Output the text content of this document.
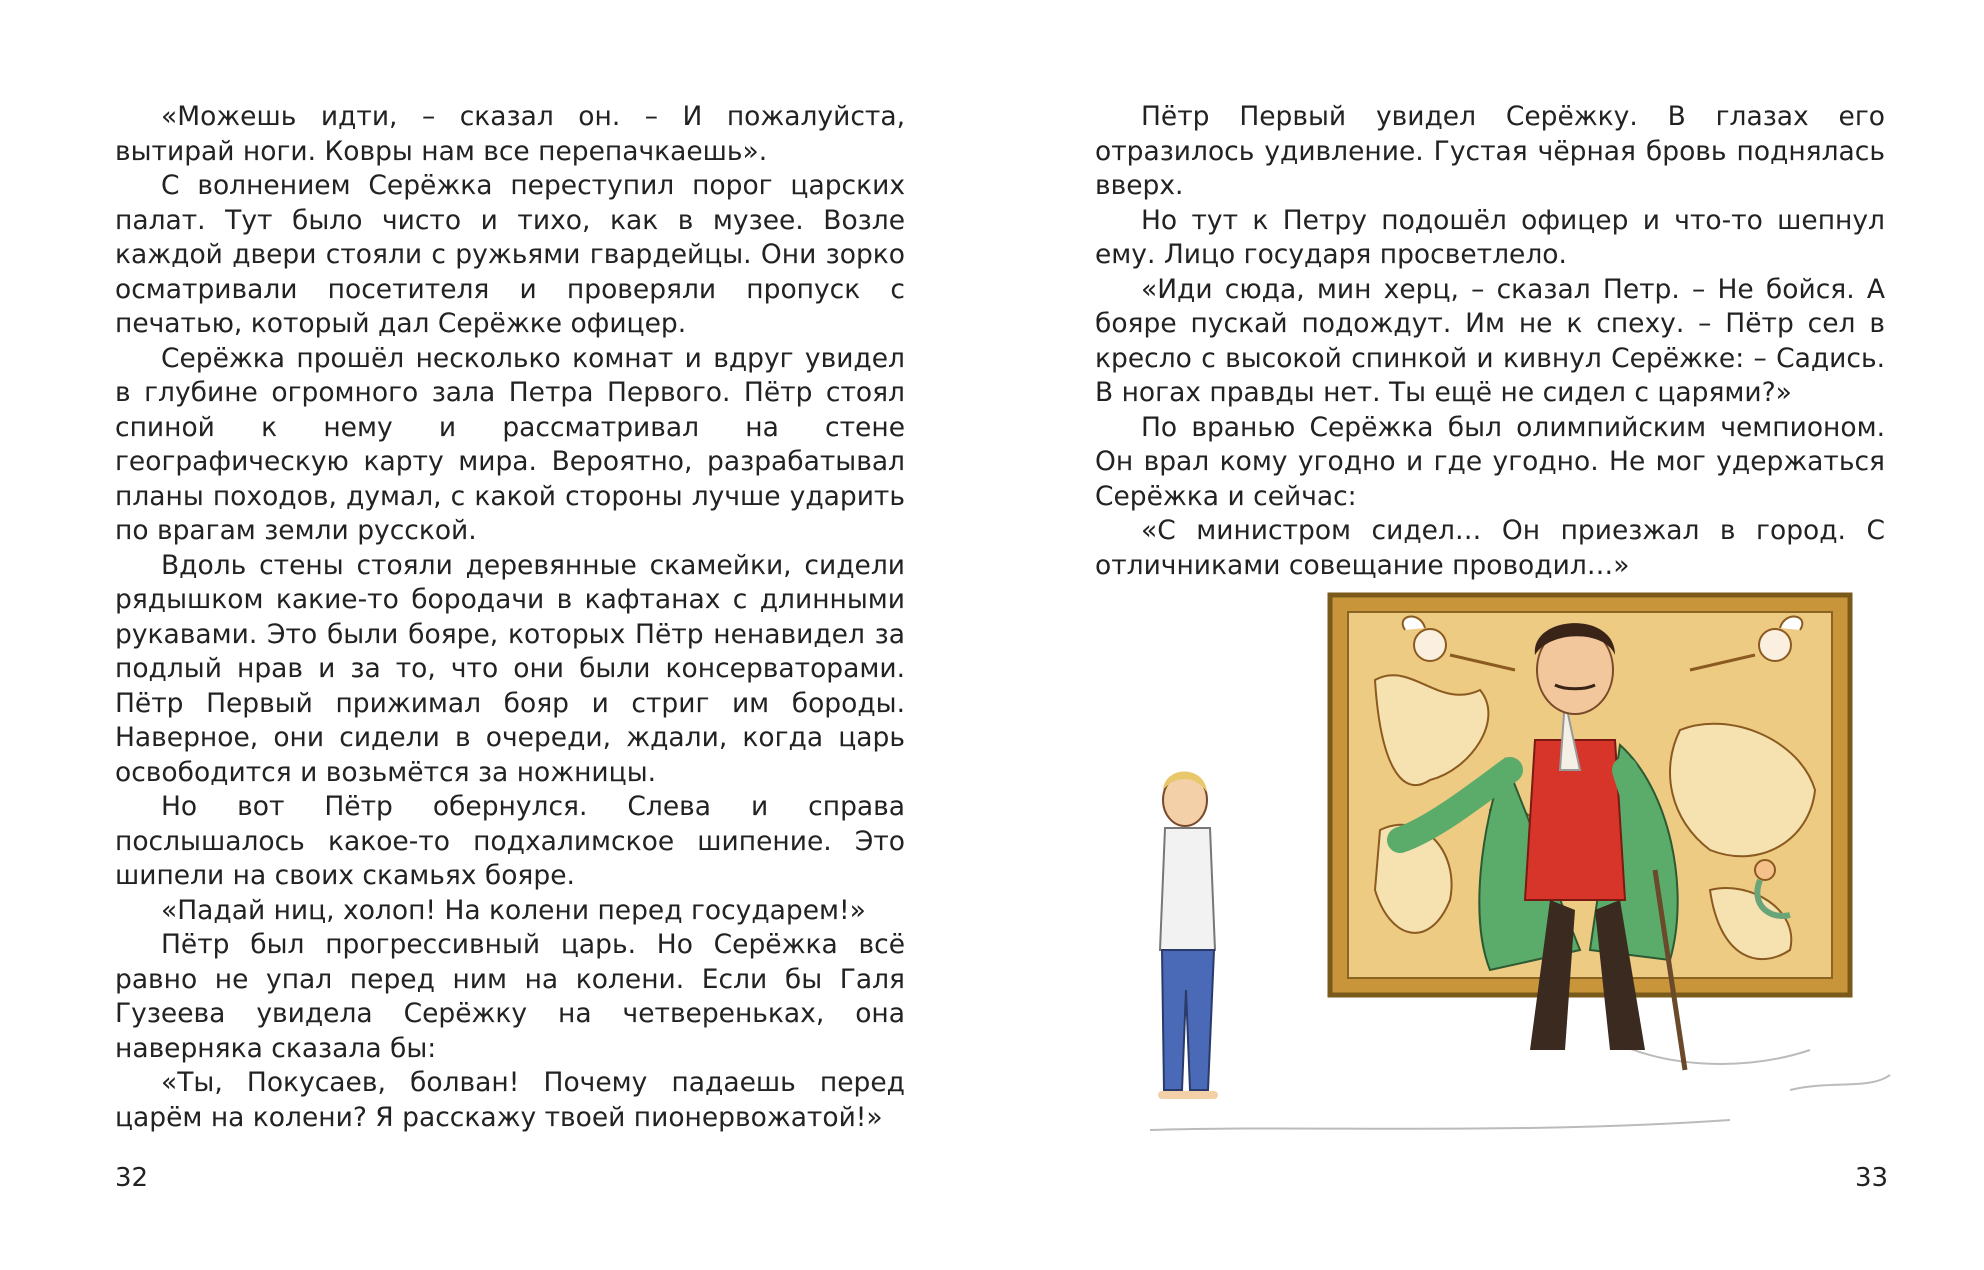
«Можешь идти, – сказал он. – И пожалуйста, вытирай ноги. Ковры нам все перепачкаешь».

С волнением Серёжка переступил порог царских палат. Тут было чисто и тихо, как в музее. Возле каждой двери стояли с ружьями гвардейцы. Они зорко осматривали посетителя и проверяли пропуск с печатью, который дал Серёжке офицер.

Серёжка прошёл несколько комнат и вдруг увидел в глубине огромного зала Петра Первого. Пётр стоял спиной к нему и рассматривал на стене географическую карту мира. Вероятно, разрабатывал планы походов, думал, с какой стороны лучше ударить по врагам земли русской.

Вдоль стены стояли деревянные скамейки, сидели рядышком какие-то бородачи в кафтанах с длинными рукавами. Это были бояре, которых Пётр ненавидел за подлый нрав и за то, что они были консерваторами. Пётр Первый прижимал бояр и стриг им бороды. Наверное, они сидели в очереди, ждали, когда царь освободится и возьмётся за ножницы.

Но вот Пётр обернулся. Слева и справа послышалось какое-то подхалимское шипение. Это шипели на своих скамьях бояре.

«Падай ниц, холоп! На колени перед государем!»

Пётр был прогрессивный царь. Но Серёжка всё равно не упал перед ним на колени. Если бы Галя Гузеева увидела Серёжку на четвереньках, она наверняка сказала бы:

«Ты, Покусаев, болван! Почему падаешь перед царём на колени? Я расскажу твоей пионервожатой!»

32

Пётр Первый увидел Серёжку. В глазах его отразилось удивление. Густая чёрная бровь поднялась вверх.

Но тут к Петру подошёл офицер и что-то шепнул ему. Лицо государя просветлело.

«Иди сюда, мин херц, – сказал Петр. – Не бойся. А бояре пускай подождут. Им не к спеху. – Пётр сел в кресло с высокой спинкой и кивнул Серёжке: – Садись. В ногах правды нет. Ты ещё не сидел с царями?»

По вранью Серёжка был олимпийским чемпионом. Он врал кому угодно и где угодно. Не мог удержаться Серёжка и сейчас:

«С министром сидел… Он приезжал в город. С отличниками совещание проводил…»

33
